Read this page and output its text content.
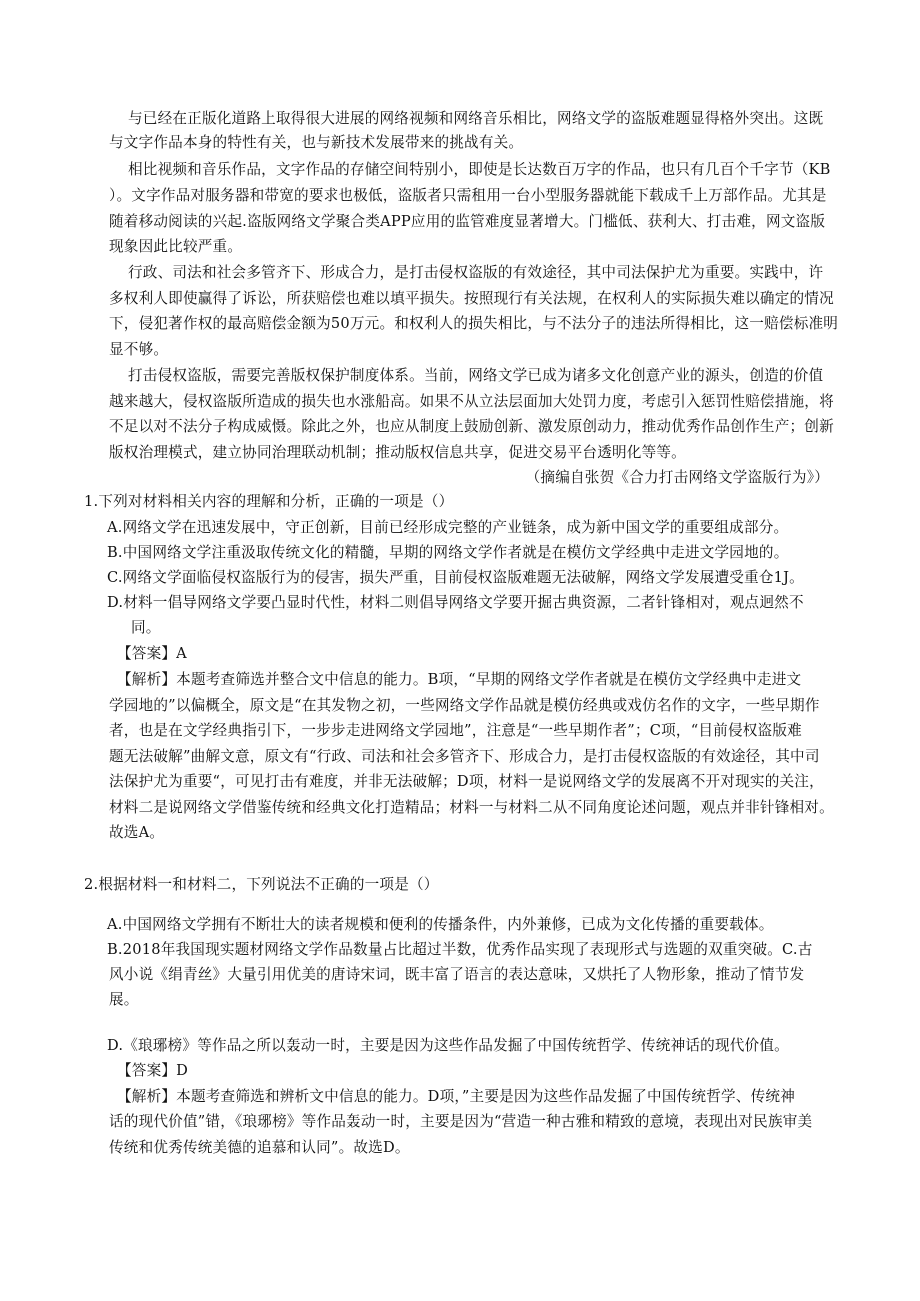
与已经在正版化道路上取得很大进展的网络视频和网络音乐相比，网络文学的盗版难题显得格外突出。这既
与文字作品本身的特性有关，也与新技术发展带来的挑战有关。
相比视频和音乐作品，文字作品的存储空间特别小，即使是长达数百万字的作品，也只有几百个千字节（KB
）。文字作品对服务器和带宽的要求也极低，盗版者只需租用一台小型服务器就能下载成千上万部作品。尤其是
随着移动阅读的兴起.盗版网络文学聚合类APP应用的监管难度显著增大。门槛低、获利大、打击难，网文盗版
现象因此比较严重。
行政、司法和社会多管齐下、形成合力，是打击侵权盗版的有效途径，其中司法保护尤为重要。实践中，许
多权利人即使赢得了诉讼，所获赔偿也难以填平损失。按照现行有关法规，在权利人的实际损失难以确定的情况
下，侵犯著作权的最高赔偿金额为50万元。和权利人的损失相比，与不法分子的违法所得相比，这一赔偿标准明
显不够。
打击侵权盗版，需要完善版权保护制度体系。当前，网络文学已成为诸多文化创意产业的源头，创造的价值
越来越大，侵权盗版所造成的损失也水涨船高。如果不从立法层面加大处罚力度，考虑引入惩罚性赔偿措施，将
不足以对不法分子构成威慑。除此之外，也应从制度上鼓励创新、激发原创动力，推动优秀作品创作生产；创新
版权治理模式，建立协同治理联动机制；推动版权信息共享，促进交易平台透明化等等。
（摘编自张贺《合力打击网络文学盗版行为》）
1.下列对材料相关内容的理解和分析，正确的一项是（）
A.网络文学在迅速发展中，守正创新，目前已经形成完整的产业链条，成为新中国文学的重要组成部分。
B.中国网络文学注重汲取传统文化的精髓，早期的网络文学作者就是在模仿文学经典中走进文学园地的。
C.网络文学面临侵权盗版行为的侵害，损失严重，目前侵权盗版难题无法破解，网络文学发展遭受重仓1J。
D.材料一倡导网络文学要凸显时代性，材料二则倡导网络文学要开掘古典资源，二者针锋相对，观点迥然不
同。
【答案】A
【解析】本题考查筛选并整合文中信息的能力。B项，“早期的网络文学作者就是在模仿文学经典中走进文
学园地的”以偏概全，原文是“在其发物之初，一些网络文学作品就是模仿经典或戏仿名作的文字，一些早期作
者，也是在文学经典指引下，一步步走进网络文学园地”，注意是“一些早期作者”；C项，“目前侵权盗版难
题无法破解”曲解文意，原文有“行政、司法和社会多管齐下、形成合力，是打击侵权盗版的有效途径，其中司
法保护尤为重要“，可见打击有难度，并非无法破解；D项，材料一是说网络文学的发展离不开对现实的关注，
材料二是说网络文学借鉴传统和经典文化打造精品；材料一与材料二从不同角度论述问题，观点并非针锋相对。
故选A。
2.根据材料一和材料二，下列说法不正确的一项是（）
A.中国网络文学拥有不断壮大的读者规模和便利的传播条件，内外兼修，已成为文化传播的重要载体。
B.2018年我国现实题材网络文学作品数量占比超过半数，优秀作品实现了表现形式与选题的双重突破。C.古
风小说《绢青丝》大量引用优美的唐诗宋词，既丰富了语言的表达意味，又烘托了人物形象，推动了情节发
展。
D.《琅琊榜》等作品之所以轰动一时，主要是因为这些作品发掘了中国传统哲学、传统神话的现代价值。
【答案】D
【解析】本题考查筛选和辨析文中信息的能力。D项，”主要是因为这些作品发掘了中国传统哲学、传统神
话的现代价值”错，《琅琊榜》等作品轰动一时，主要是因为“营造一种古雅和精致的意境，表现出对民族审美
传统和优秀传统美德的追慕和认同”。故选D。
